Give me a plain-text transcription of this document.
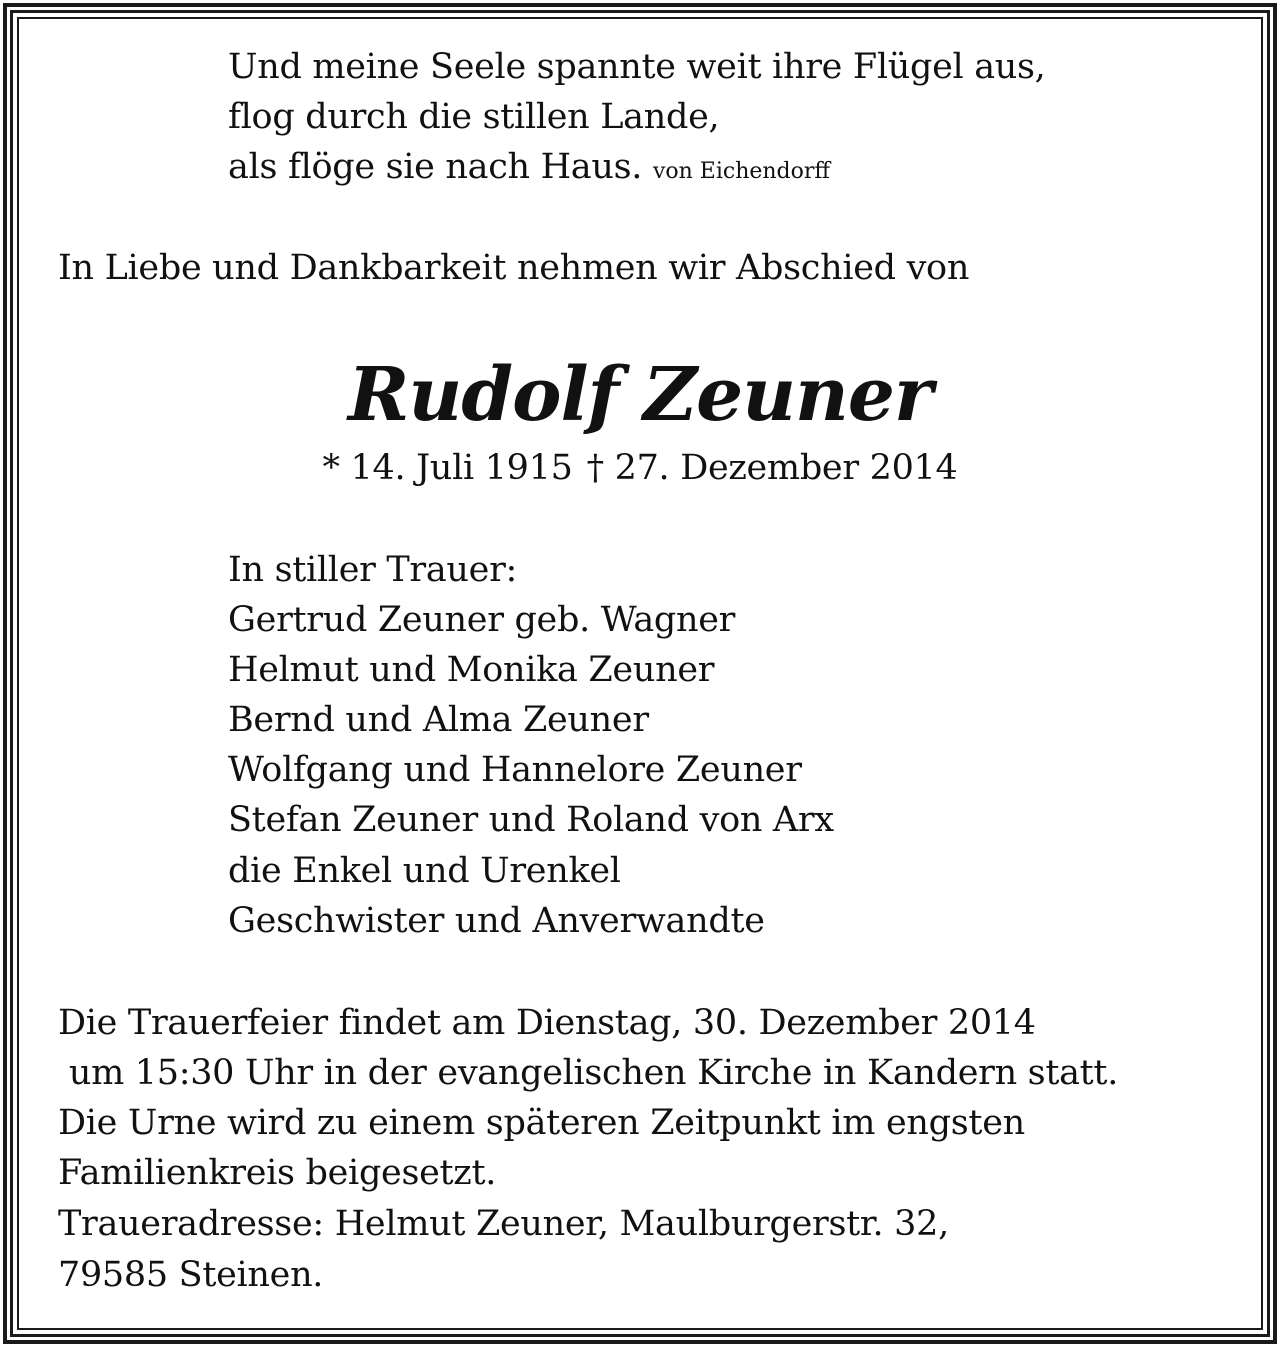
Und meine Seele spannte weit ihre Flügel aus,
flog durch die stillen Lande,
als flöge sie nach Haus. von Eichendorff
In Liebe und Dankbarkeit nehmen wir Abschied von
Rudolf Zeuner
* 14. Juli 1915 † 27. Dezember 2014
In stiller Trauer:
Gertrud Zeuner geb. Wagner
Helmut und Monika Zeuner
Bernd und Alma Zeuner
Wolfgang und Hannelore Zeuner
Stefan Zeuner und Roland von Arx
die Enkel und Urenkel
Geschwister und Anverwandte
Die Trauerfeier findet am Dienstag, 30. Dezember 2014
um 15:30 Uhr in der evangelischen Kirche in Kandern statt.
Die Urne wird zu einem späteren Zeitpunkt im engsten
Familienkreis beigesetzt.
Traueradresse: Helmut Zeuner, Maulburgerstr. 32,
79585 Steinen.
